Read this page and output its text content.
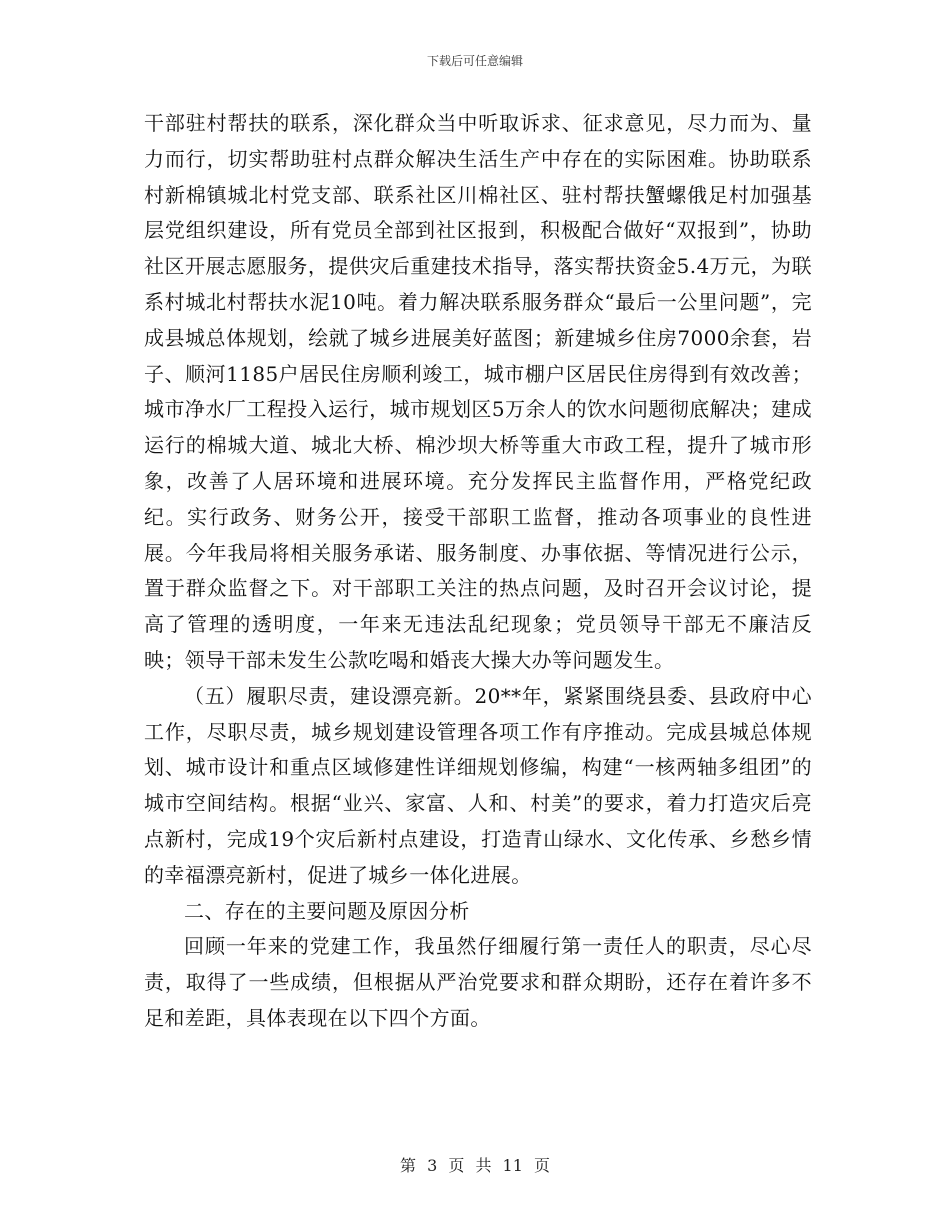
下载后可任意编辑

干部驻村帮扶的联系，深化群众当中听取诉求、征求意见，尽力而为、量力而行，切实帮助驻村点群众解决生活生产中存在的实际困难。协助联系村新棉镇城北村党支部、联系社区川棉社区、驻村帮扶蟹螺俄足村加强基层党组织建设，所有党员全部到社区报到，积极配合做好“双报到”，协助社区开展志愿服务，提供灾后重建技术指导，落实帮扶资金5.4万元，为联系村城北村帮扶水泥10吨。着力解决联系服务群众“最后一公里问题”，完成县城总体规划，绘就了城乡进展美好蓝图；新建城乡住房7000余套，岩子、顺河1185户居民住房顺利竣工，城市棚户区居民住房得到有效改善；城市净水厂工程投入运行，城市规划区5万余人的饮水问题彻底解决；建成运行的棉城大道、城北大桥、棉沙坝大桥等重大市政工程，提升了城市形象，改善了人居环境和进展环境。充分发挥民主监督作用，严格党纪政纪。实行政务、财务公开，接受干部职工监督，推动各项事业的良性进展。今年我局将相关服务承诺、服务制度、办事依据、等情况进行公示，置于群众监督之下。对干部职工关注的热点问题，及时召开会议讨论，提高了管理的透明度，一年来无违法乱纪现象；党员领导干部无不廉洁反映；领导干部未发生公款吃喝和婚丧大操大办等问题发生。

（五）履职尽责，建设漂亮新。20**年，紧紧围绕县委、县政府中心工作，尽职尽责，城乡规划建设管理各项工作有序推动。完成县城总体规划、城市设计和重点区域修建性详细规划修编，构建“一核两轴多组团”的城市空间结构。根据“业兴、家富、人和、村美”的要求，着力打造灾后亮点新村，完成19个灾后新村点建设，打造青山绿水、文化传承、乡愁乡情的幸福漂亮新村，促进了城乡一体化进展。

二、存在的主要问题及原因分析

回顾一年来的党建工作，我虽然仔细履行第一责任人的职责，尽心尽责，取得了一些成绩，但根据从严治党要求和群众期盼，还存在着许多不足和差距，具体表现在以下四个方面。

第 3 页 共 11 页
